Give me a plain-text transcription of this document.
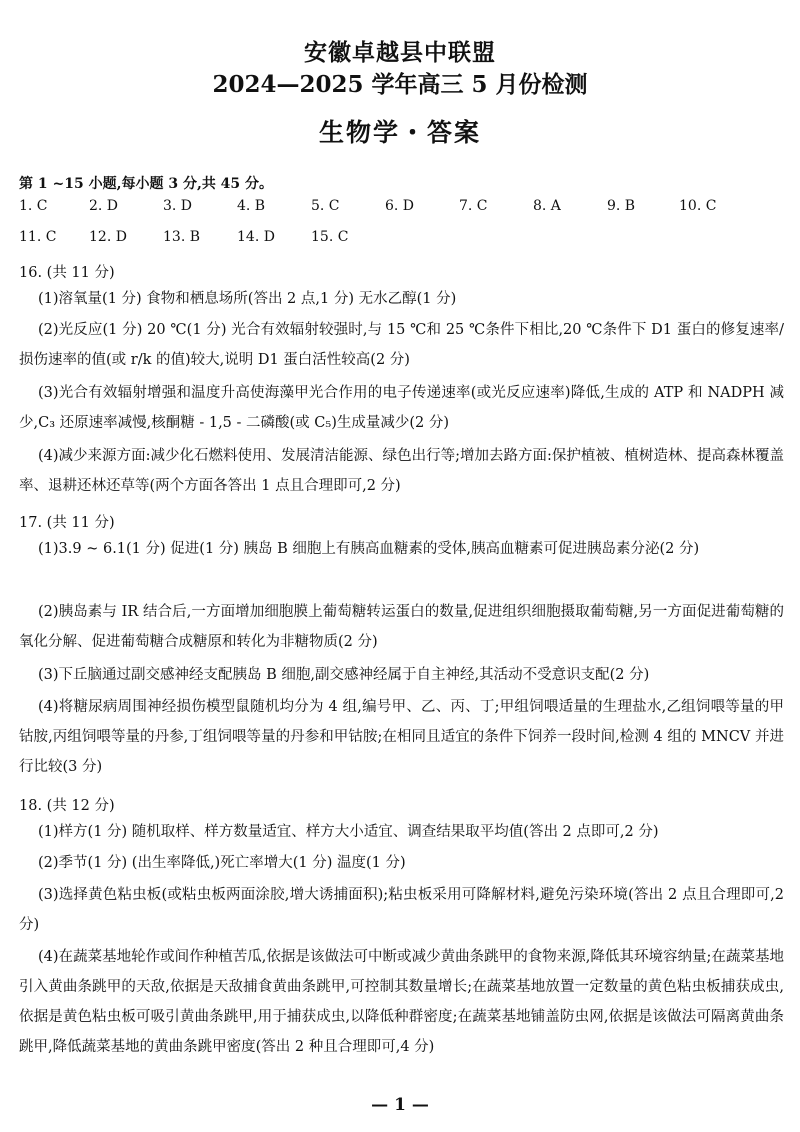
安徽卓越县中联盟
2024—2025 学年高三 5 月份检测
生物学・答案
第 1 ~15 小题,每小题 3 分,共 45 分。
1. C	2. D	3. D	4. B	5. C	6. D	7. C	8. A	9. B	10. C
11. C 12. D	13. B	14. D	15. C
16. (共 11 分)
(1)溶氧量(1 分) 食物和栖息场所(答出 2 点,1 分) 无水乙醇(1 分)
(2)光反应(1 分) 20 ℃(1 分) 光合有效辐射较强时,与 15 ℃和 25 ℃条件下相比,20 ℃条件下 D1 蛋白的修复速率/损伤速率的值(或 r/k 的值)较大,说明 D1 蛋白活性较高(2 分)
(3)光合有效辐射增强和温度升高使海藻甲光合作用的电子传递速率(或光反应速率)降低,生成的 ATP 和 NADPH 减少,C₃ 还原速率减慢,核酮糖 - 1,5 - 二磷酸(或 C₅)生成量减少(2 分)
(4)减少来源方面:减少化石燃料使用、发展清洁能源、绿色出行等;增加去路方面:保护植被、植树造林、提高森林覆盖率、退耕还林还草等(两个方面各答出 1 点且合理即可,2 分)
17. (共 11 分)
(1)3.9 ~ 6.1(1 分) 促进(1 分) 胰岛 B 细胞上有胰高血糖素的受体,胰高血糖素可促进胰岛素分泌(2 分)
(2)胰岛素与 IR 结合后,一方面增加细胞膜上葡萄糖转运蛋白的数量,促进组织细胞摄取葡萄糖,另一方面促进葡萄糖的氧化分解、促进葡萄糖合成糖原和转化为非糖物质(2 分)
(3)下丘脑通过副交感神经支配胰岛 B 细胞,副交感神经属于自主神经,其活动不受意识支配(2 分)
(4)将糖尿病周围神经损伤模型鼠随机均分为 4 组,编号甲、乙、丙、丁;甲组饲喂适量的生理盐水,乙组饲喂等量的甲钴胺,丙组饲喂等量的丹参,丁组饲喂等量的丹参和甲钴胺;在相同且适宜的条件下饲养一段时间,检测 4 组的 MNCV 并进行比较(3 分)
18. (共 12 分)
(1)样方(1 分) 随机取样、样方数量适宜、样方大小适宜、调查结果取平均值(答出 2 点即可,2 分)
(2)季节(1 分) (出生率降低,)死亡率增大(1 分) 温度(1 分)
(3)选择黄色粘虫板(或粘虫板两面涂胶,增大诱捕面积);粘虫板采用可降解材料,避免污染环境(答出 2 点且合理即可,2 分)
(4)在蔬菜基地轮作或间作种植苦瓜,依据是该做法可中断或减少黄曲条跳甲的食物来源,降低其环境容纳量;在蔬菜基地引入黄曲条跳甲的天敌,依据是天敌捕食黄曲条跳甲,可控制其数量增长;在蔬菜基地放置一定数量的黄色粘虫板捕获成虫,依据是黄色粘虫板可吸引黄曲条跳甲,用于捕获成虫,以降低种群密度;在蔬菜基地铺盖防虫网,依据是该做法可隔离黄曲条跳甲,降低蔬菜基地的黄曲条跳甲密度(答出 2 种且合理即可,4 分)
— 1 —
